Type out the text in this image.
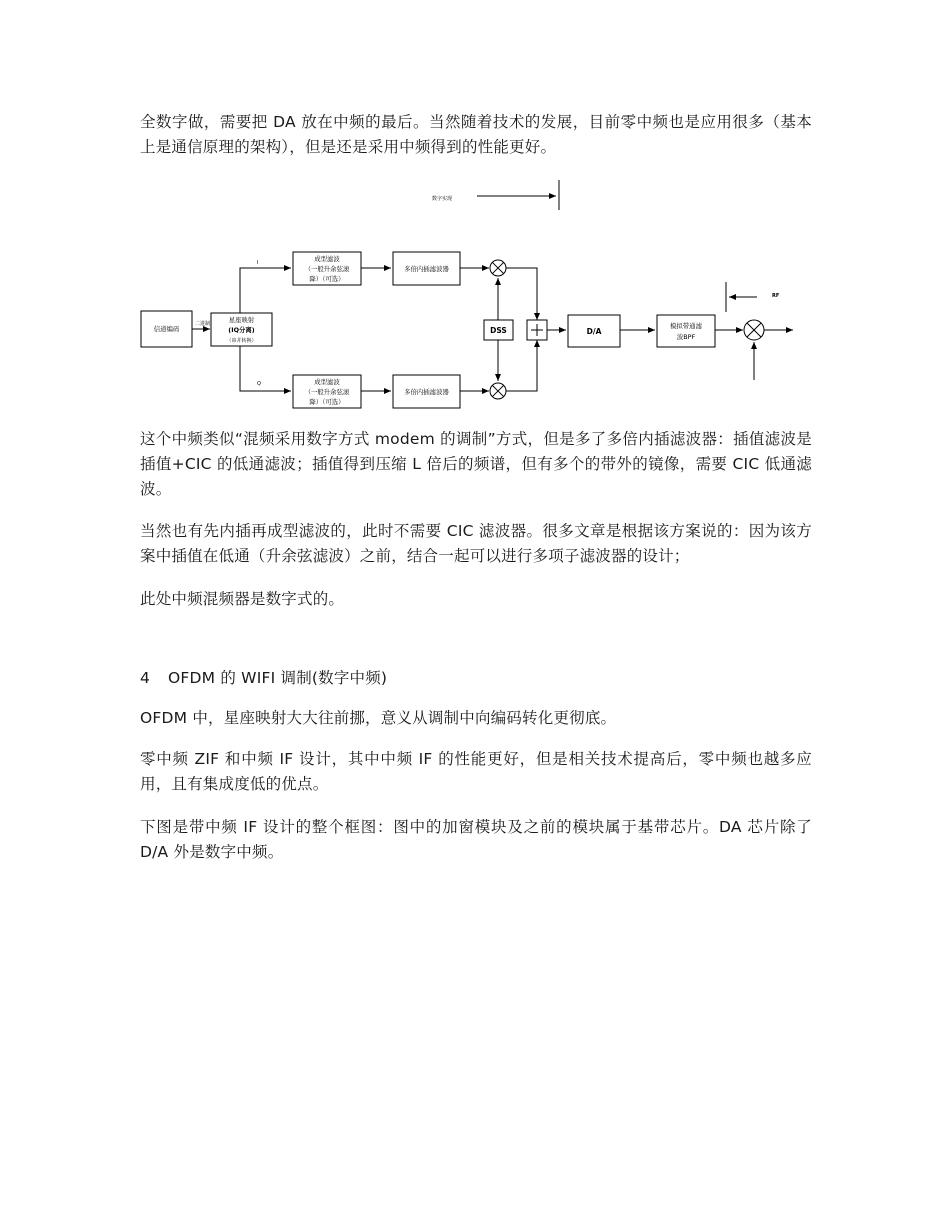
全数字做，需要把 DA 放在中频的最后。当然随着技术的发展，目前零中频也是应用很多（基本上是通信原理的架构），但是还是采用中频得到的性能更好。

数字实现
信道编码
二进制	星座映射
(IQ分离)
（串并转换）
I	成型滤波
（一般升余弦滚
降）（可选）
多倍内插滤波器
Q	成型滤波
（一般升余弦滚
降）（可选）
多倍内插滤波器
DSS	D/A
模拟带通滤
波BPF
RF

这个中频类似“混频采用数字方式 modem 的调制”方式，但是多了多倍内插滤波器：插值滤波是插值+CIC 的低通滤波；插值得到压缩 L 倍后的频谱，但有多个的带外的镜像，需要 CIC 低通滤波。

当然也有先内插再成型滤波的，此时不需要 CIC 滤波器。很多文章是根据该方案说的：因为该方案中插值在低通（升余弦滤波）之前，结合一起可以进行多项子滤波器的设计；

此处中频混频器是数字式的。

4 OFDM 的 WIFI 调制(数字中频)

OFDM 中，星座映射大大往前挪，意义从调制中向编码转化更彻底。

零中频 ZIF 和中频 IF 设计，其中中频 IF 的性能更好，但是相关技术提高后，零中频也越多应用，且有集成度低的优点。

下图是带中频 IF 设计的整个框图：图中的加窗模块及之前的模块属于基带芯片。DA 芯片除了 D/A 外是数字中频。
